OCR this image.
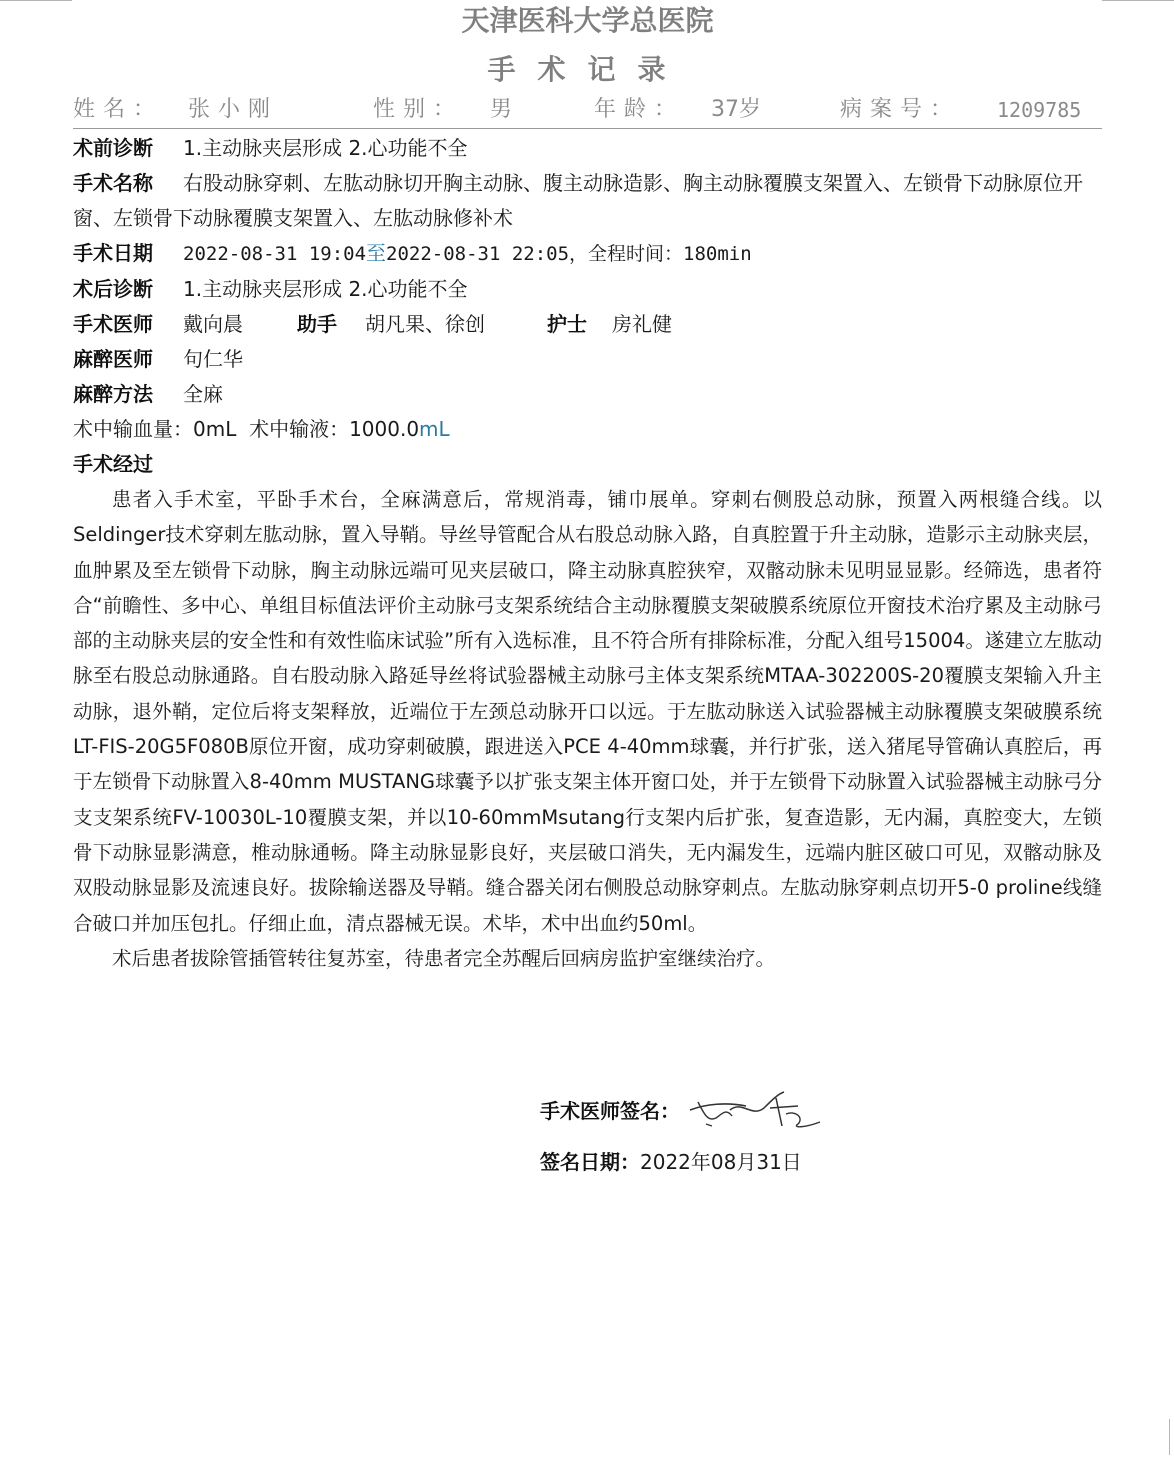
天津医科大学总医院
手术记录
姓名： 张小刚	性别： 男	年龄： 37岁	病案号： 1209785
术前诊断 1.主动脉夹层形成 2.心功能不全
手术名称 右股动脉穿刺、左肱动脉切开胸主动脉、腹主动脉造影、胸主动脉覆膜支架置入、左锁骨下动脉原位开窗、左锁骨下动脉覆膜支架置入、左肱动脉修补术
手术日期 2022-08-31 19:04至2022-08-31 22:05，全程时间：180min
术后诊断 1.主动脉夹层形成 2.心功能不全
手术医师 戴向晨	助手 胡凡果、徐创	护士 房礼健
麻醉医师 句仁华
麻醉方法 全麻
术中输血量：0mL  术中输液：1000.0mL
手术经过

患者入手术室，平卧手术台，全麻满意后，常规消毒，铺巾展单。穿刺右侧股总动脉，预置入两根缝合线。以Seldinger技术穿刺左肱动脉，置入导鞘。导丝导管配合从右股总动脉入路，自真腔置于升主动脉，造影示主动脉夹层，血肿累及至左锁骨下动脉，胸主动脉远端可见夹层破口，降主动脉真腔狭窄，双髂动脉未见明显显影。经筛选，患者符合“前瞻性、多中心、单组目标值法评价主动脉弓支架系统结合主动脉覆膜支架破膜系统原位开窗技术治疗累及主动脉弓部的主动脉夹层的安全性和有效性临床试验”所有入选标准，且不符合所有排除标准，分配入组号15004。遂建立左肱动脉至右股总动脉通路。自右股动脉入路延导丝将试验器械主动脉弓主体支架系统MTAA-302200S-20覆膜支架输入升主动脉，退外鞘，定位后将支架释放，近端位于左颈总动脉开口以远。于左肱动脉送入试验器械主动脉覆膜支架破膜系统LT-FIS-20G5F080B原位开窗，成功穿刺破膜，跟进送入PCE 4-40mm球囊，并行扩张，送入猪尾导管确认真腔后，再于左锁骨下动脉置入8-40mm MUSTANG球囊予以扩张支架主体开窗口处，并于左锁骨下动脉置入试验器械主动脉弓分支支架系统FV-10030L-10覆膜支架，并以10-60mmMsutang行支架内后扩张，复查造影，无内漏，真腔变大，左锁骨下动脉显影满意，椎动脉通畅。降主动脉显影良好，夹层破口消失，无内漏发生，远端内脏区破口可见，双髂动脉及双股动脉显影及流速良好。拔除输送器及导鞘。缝合器关闭右侧股总动脉穿刺点。左肱动脉穿刺点切开5-0 proline线缝合破口并加压包扎。仔细止血，清点器械无误。术毕，术中出血约50ml。

术后患者拔除管插管转往复苏室，待患者完全苏醒后回病房监护室继续治疗。

手术医师签名：
签名日期：2022年08月31日
